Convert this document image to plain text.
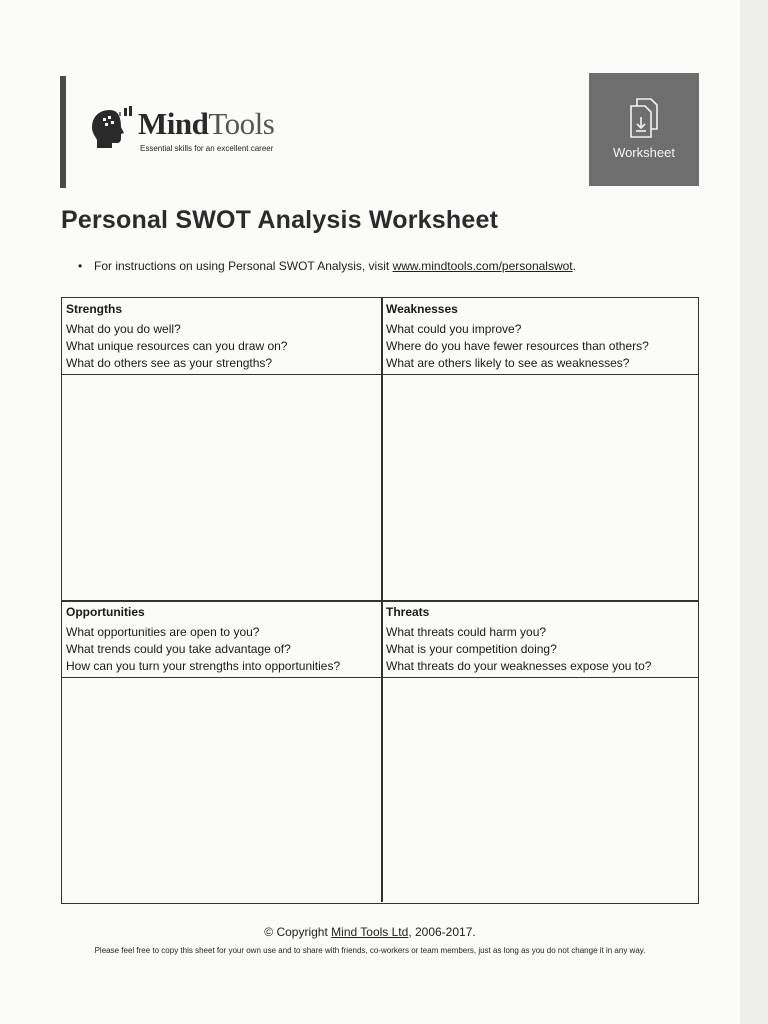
MindTools
Essential skills for an excellent career	Worksheet
Personal SWOT Analysis Worksheet
• For instructions on using Personal SWOT Analysis, visit www.mindtools.com/personalswot.
Strengths
What do you do well?
What unique resources can you draw on?
What do others see as your strengths?
Weaknesses
What could you improve?
Where do you have fewer resources than others?
What are others likely to see as weaknesses?
Opportunities
What opportunities are open to you?
What trends could you take advantage of?
How can you turn your strengths into opportunities?
Threats
What threats could harm you?
What is your competition doing?
What threats do your weaknesses expose you to?
© Copyright Mind Tools Ltd, 2006-2017.
Please feel free to copy this sheet for your own use and to share with friends, co-workers or team members, just as long as you do not change it in any way.
